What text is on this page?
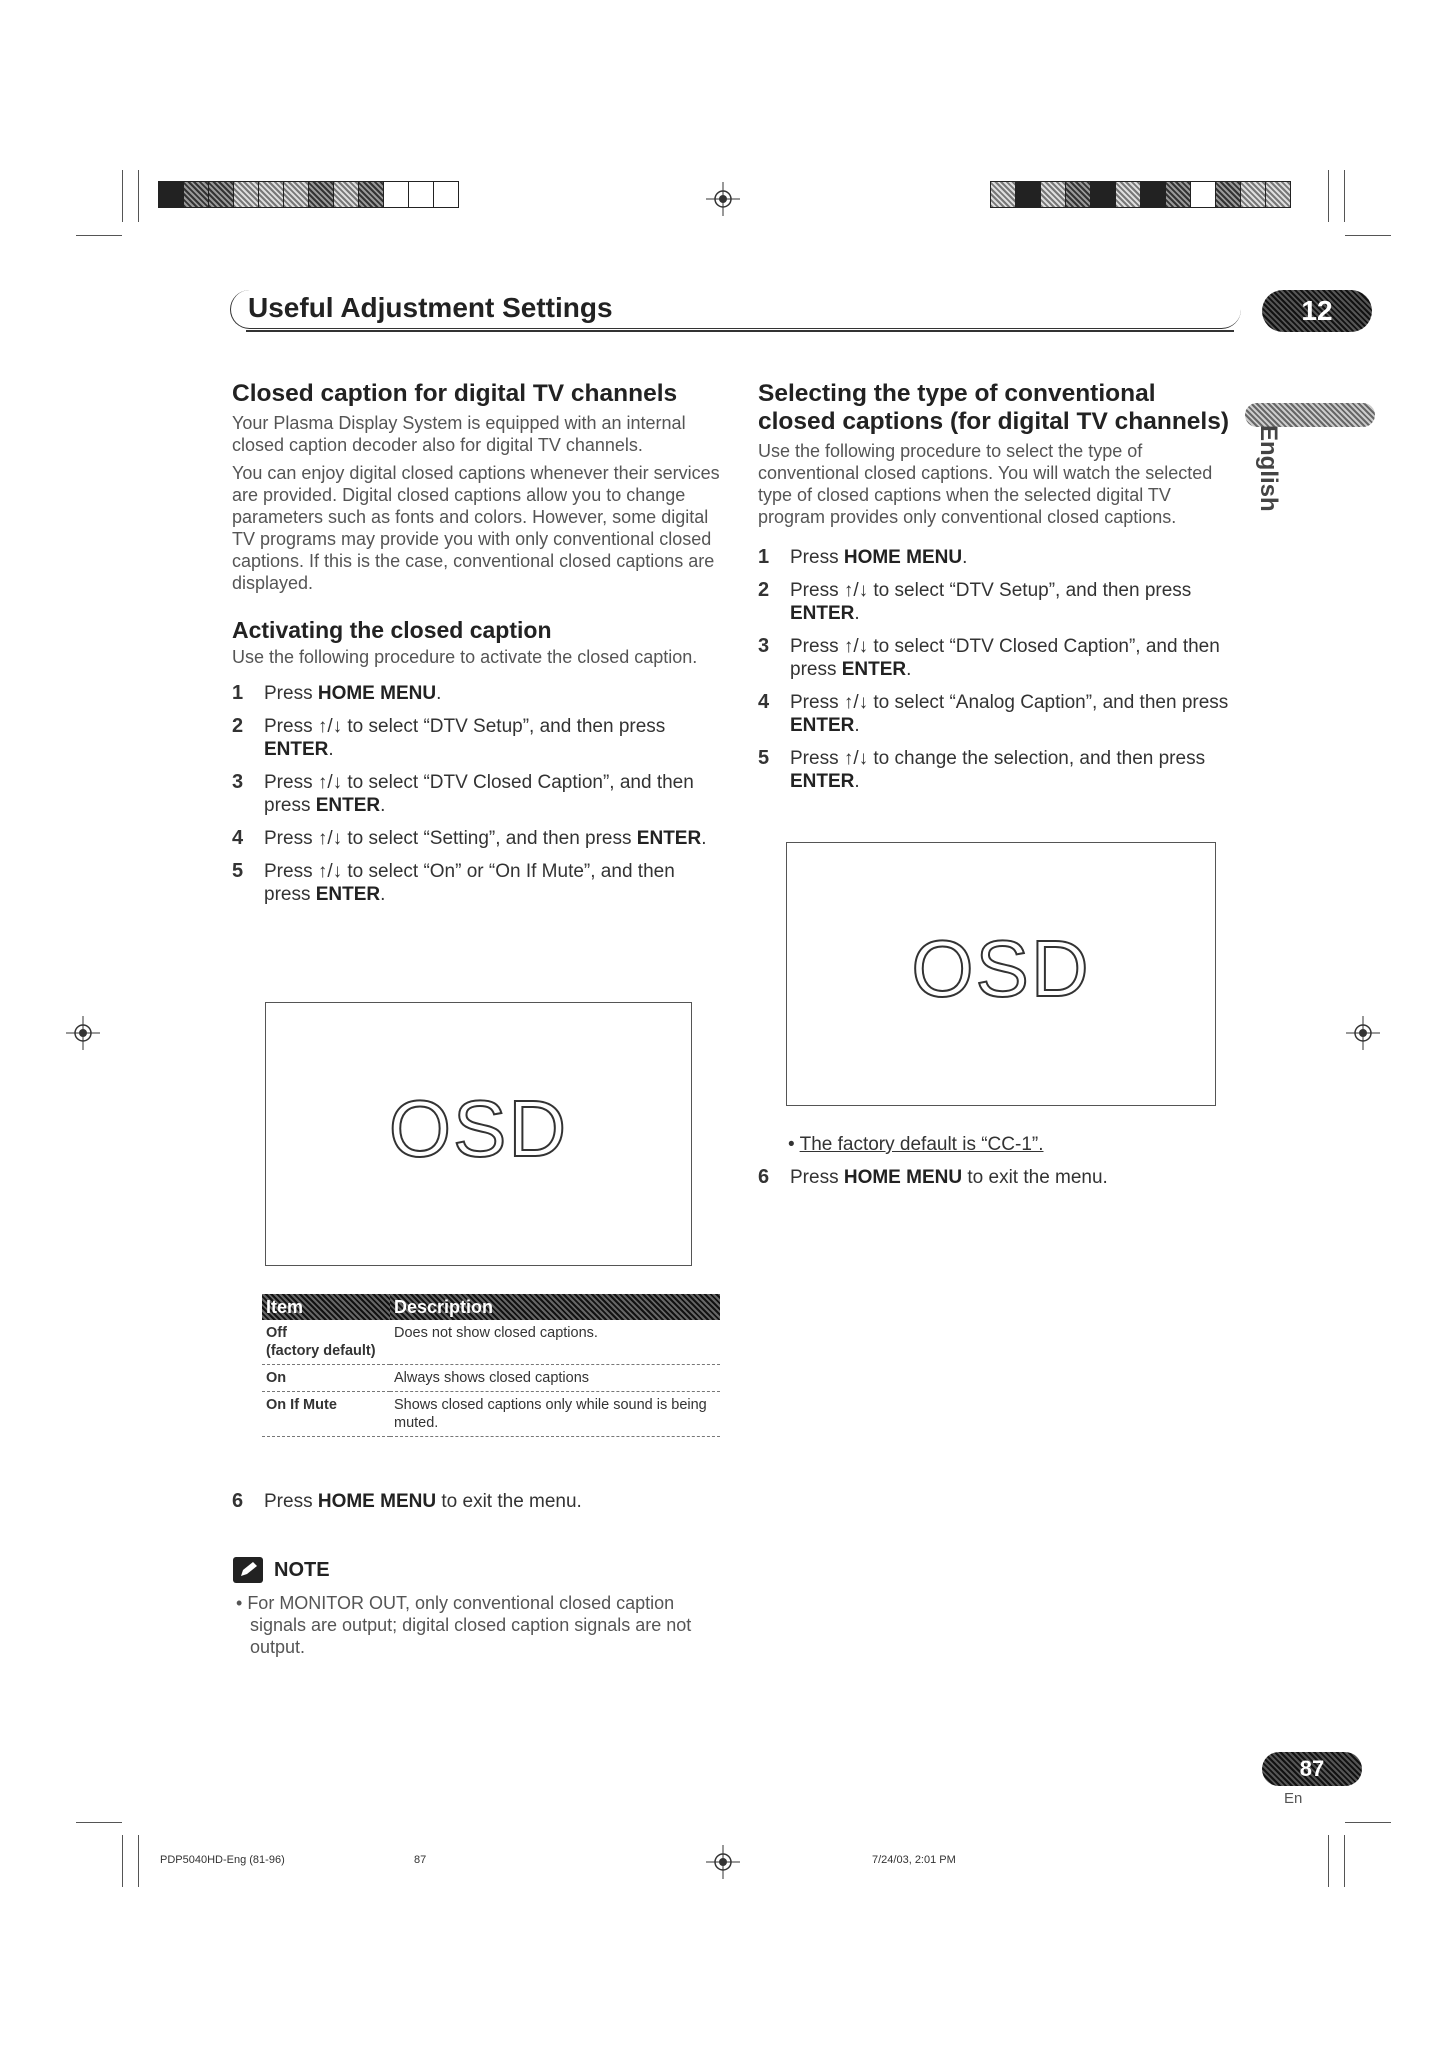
Useful Adjustment Settings	12
English
Closed caption for digital TV channels

Your Plasma Display System is equipped with an internal closed caption decoder also for digital TV channels.

You can enjoy digital closed captions whenever their services are provided. Digital closed captions allow you to change parameters such as fonts and colors. However, some digital TV programs may provide you with only conventional closed captions. If this is the case, conventional closed captions are displayed.

Activating the closed caption

Use the following procedure to activate the closed caption.

1 Press HOME MENU.
2 Press ↑/↓ to select “DTV Setup”, and then press ENTER.
3 Press ↑/↓ to select “DTV Closed Caption”, and then press ENTER.
4 Press ↑/↓ to select “Setting”, and then press ENTER.
5 Press ↑/↓ to select “On” or “On If Mute”, and then press ENTER.
OSD
Item	Description

Off
(factory default)	Does not show closed captions.
On	Always shows closed captions
On If Mute	Shows closed captions only while sound is being muted.
6 Press HOME MENU to exit the menu.
NOTE

• For MONITOR OUT, only conventional closed caption signals are output; digital closed caption signals are not output.

Selecting the type of conventional closed captions (for digital TV channels)

Use the following procedure to select the type of conventional closed captions. You will watch the selected type of closed captions when the selected digital TV program provides only conventional closed captions.

1 Press HOME MENU.
2 Press ↑/↓ to select “DTV Setup”, and then press ENTER.
3 Press ↑/↓ to select “DTV Closed Caption”, and then press ENTER.
4 Press ↑/↓ to select “Analog Caption”, and then press ENTER.
5 Press ↑/↓ to change the selection, and then press ENTER.
OSD
• The factory default is “CC-1”.
6 Press HOME MENU to exit the menu.
87
En
PDP5040HD-Eng (81-96)	87	7/24/03, 2:01 PM
